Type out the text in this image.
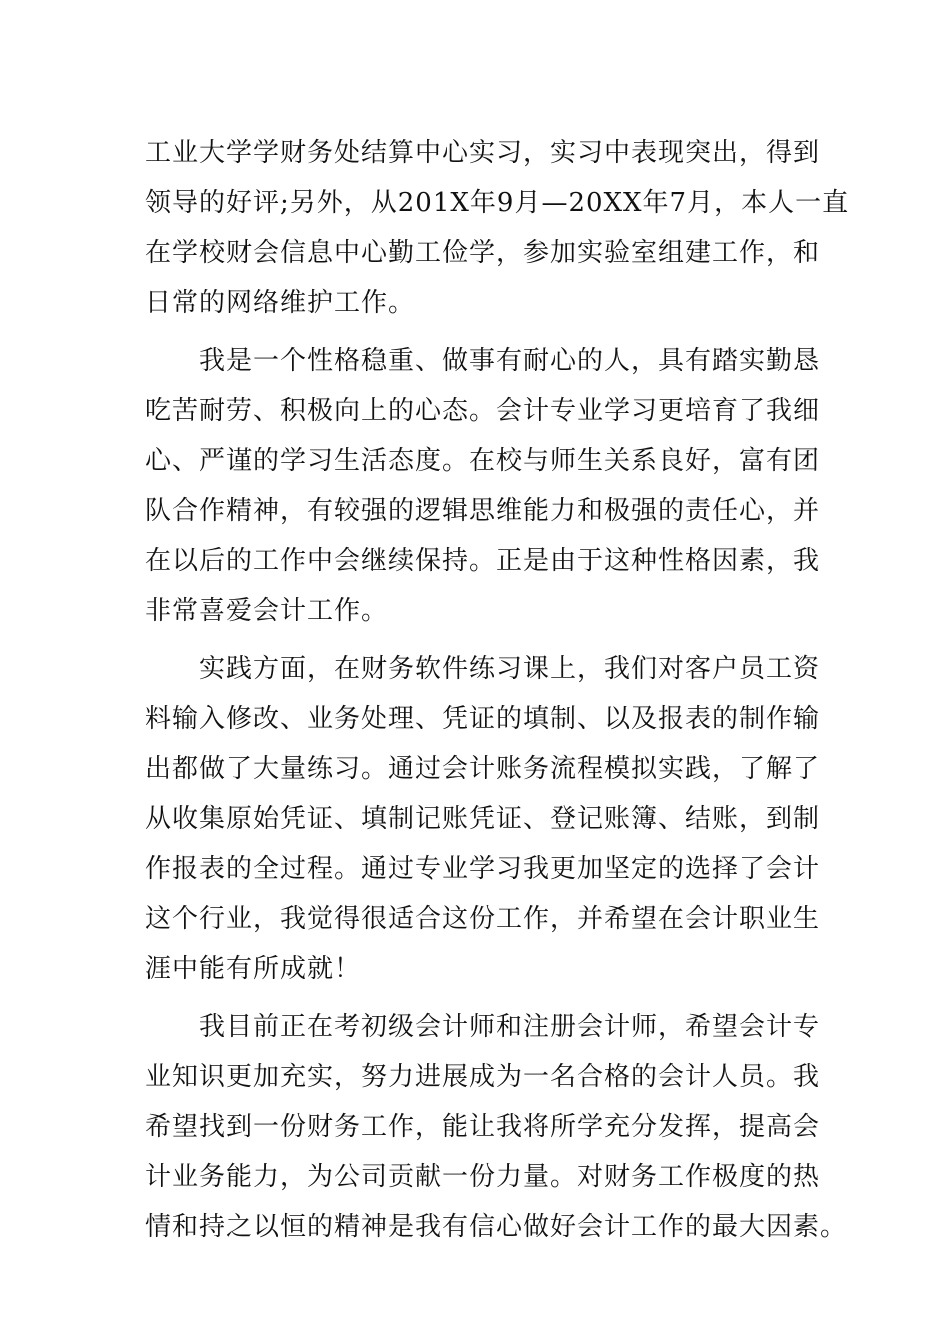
工业大学学财务处结算中心实习，实习中表现突出，得到
领导的好评;另外，从201X年9月—20XX年7月，本人一直
在学校财会信息中心勤工俭学，参加实验室组建工作，和
日常的网络维护工作。
　　我是一个性格稳重、做事有耐心的人，具有踏实勤恳
吃苦耐劳、积极向上的心态。会计专业学习更培育了我细
心、严谨的学习生活态度。在校与师生关系良好，富有团
队合作精神，有较强的逻辑思维能力和极强的责任心，并
在以后的工作中会继续保持。正是由于这种性格因素，我
非常喜爱会计工作。
　　实践方面，在财务软件练习课上，我们对客户员工资
料输入修改、业务处理、凭证的填制、以及报表的制作输
出都做了大量练习。通过会计账务流程模拟实践，了解了
从收集原始凭证、填制记账凭证、登记账簿、结账，到制
作报表的全过程。通过专业学习我更加坚定的选择了会计
这个行业，我觉得很适合这份工作，并希望在会计职业生
涯中能有所成就！
　　我目前正在考初级会计师和注册会计师，希望会计专
业知识更加充实，努力进展成为一名合格的会计人员。我
希望找到一份财务工作，能让我将所学充分发挥，提高会
计业务能力，为公司贡献一份力量。对财务工作极度的热
情和持之以恒的精神是我有信心做好会计工作的最大因素。
